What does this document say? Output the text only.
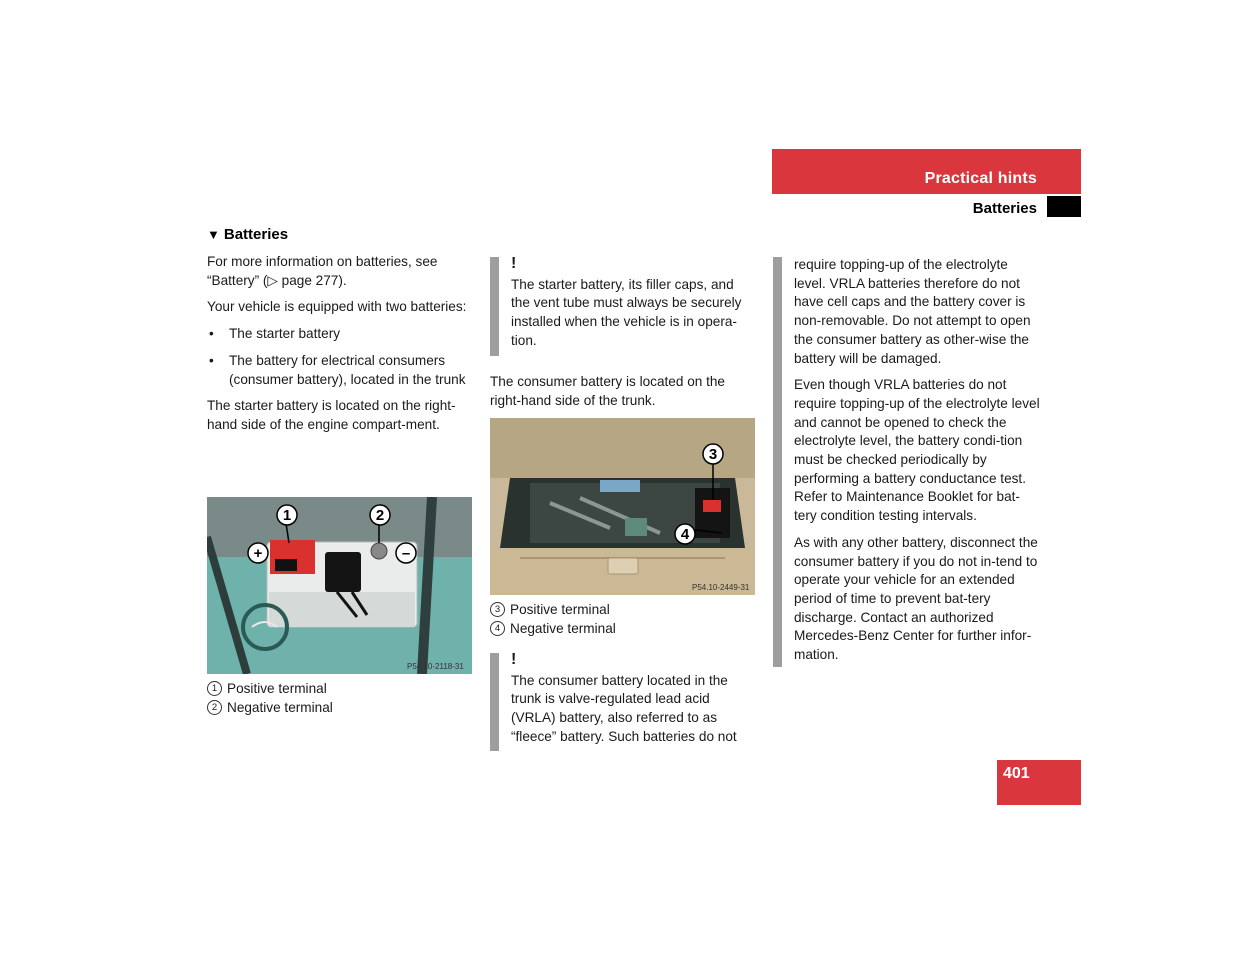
Practical hints
Batteries
▼ Batteries

For more information on batteries, see “Battery” (▷ page 277).

Your vehicle is equipped with two batteries:

• The starter battery
• The battery for electrical consumers (consumer battery), located in the trunk

The starter battery is located on the right-hand side of the engine compart-ment.

1	2
+	–
P54.10-2118-31
1 Positive terminal
2 Negative terminal
!

The starter battery, its filler caps, and the vent tube must always be securely installed when the vehicle is in opera-tion.

The consumer battery is located on the right-hand side of the trunk.
3
4
P54.10-2449-31
3 Positive terminal
4 Negative terminal
!

The consumer battery located in the trunk is valve-regulated lead acid (VRLA) battery, also referred to as “fleece” battery. Such batteries do not

require topping-up of the electrolyte level. VRLA batteries therefore do not have cell caps and the battery cover is non-removable. Do not attempt to open the consumer battery as other-wise the battery will be damaged.

Even though VRLA batteries do not require topping-up of the electrolyte level and cannot be opened to check the electrolyte level, the battery condi-tion must be checked periodically by performing a battery conductance test. Refer to Maintenance Booklet for bat-tery condition testing intervals.

As with any other battery, disconnect the consumer battery if you do not in-tend to operate your vehicle for an extended period of time to prevent bat-tery discharge. Contact an authorized Mercedes-Benz Center for further infor-mation.

401
